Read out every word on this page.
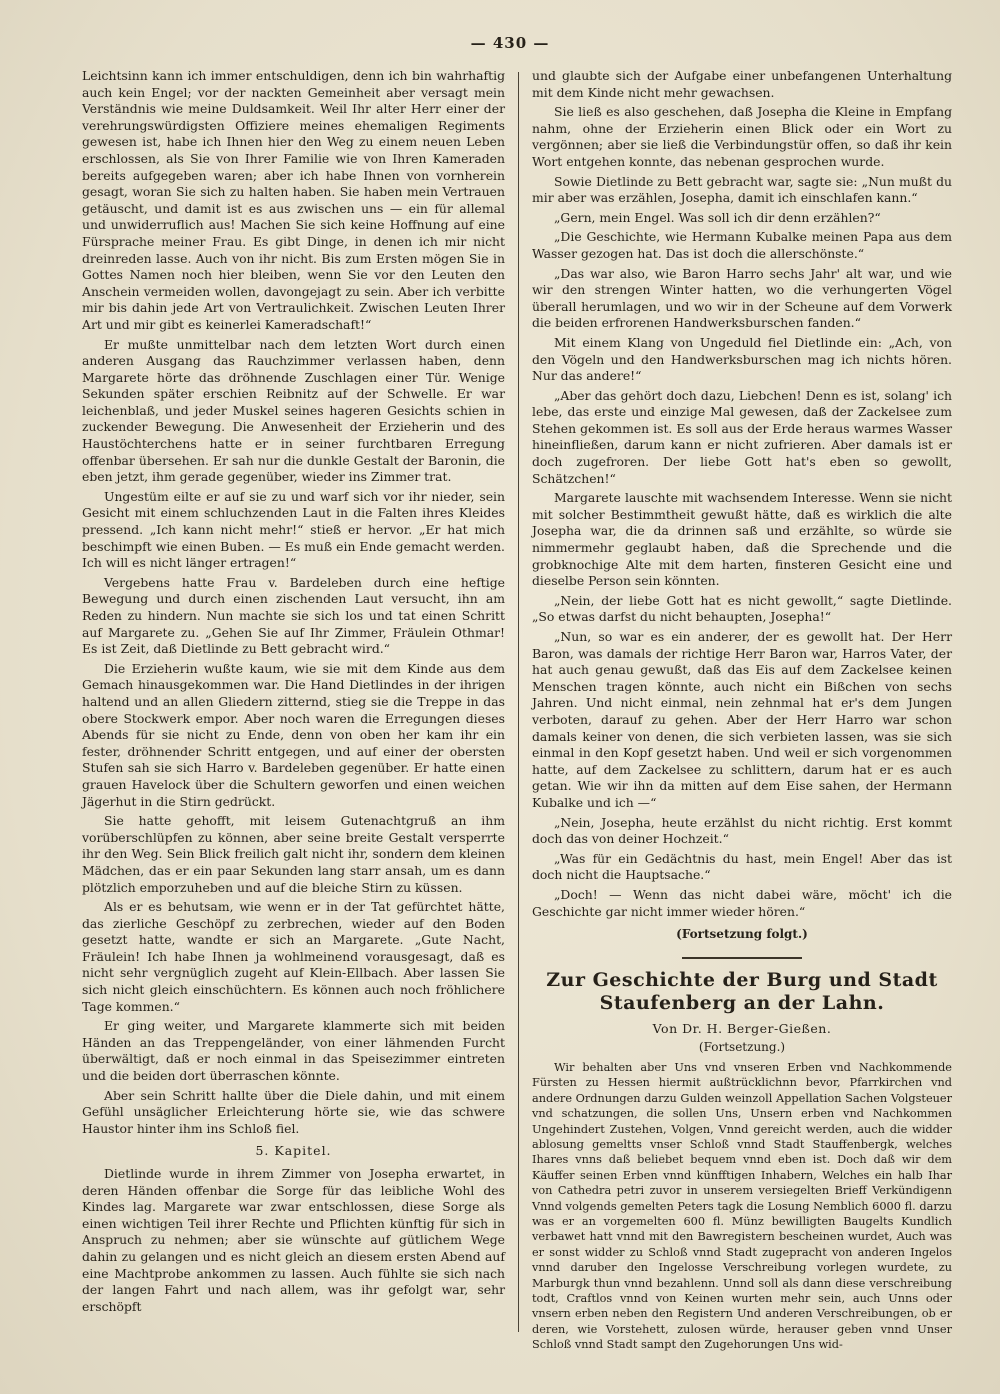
— 430 —

Leichtsinn kann ich immer entschuldigen, denn ich bin wahrhaftig auch kein Engel; vor der nackten Gemeinheit aber versagt mein Verständnis wie meine Duldsamkeit. Weil Ihr alter Herr einer der verehrungswürdigsten Offiziere meines ehemaligen Regiments gewesen ist, habe ich Ihnen hier den Weg zu einem neuen Leben erschlossen, als Sie von Ihrer Familie wie von Ihren Kameraden bereits aufgegeben waren; aber ich habe Ihnen von vornherein gesagt, woran Sie sich zu halten haben. Sie haben mein Vertrauen getäuscht, und damit ist es aus zwischen uns — ein für allemal und unwiderruflich aus! Machen Sie sich keine Hoffnung auf eine Fürsprache meiner Frau. Es gibt Dinge, in denen ich mir nicht dreinreden lasse. Auch von ihr nicht. Bis zum Ersten mögen Sie in Gottes Namen noch hier bleiben, wenn Sie vor den Leuten den Anschein vermeiden wollen, davongejagt zu sein. Aber ich verbitte mir bis dahin jede Art von Vertraulichkeit. Zwischen Leuten Ihrer Art und mir gibt es keinerlei Kameradschaft!“

Er mußte unmittelbar nach dem letzten Wort durch einen anderen Ausgang das Rauchzimmer verlassen haben, denn Margarete hörte das dröhnende Zuschlagen einer Tür. Wenige Sekunden später erschien Reibnitz auf der Schwelle. Er war leichenblaß, und jeder Muskel seines hageren Gesichts schien in zuckender Bewegung. Die Anwesenheit der Erzieherin und des Haustöchterchens hatte er in seiner furchtbaren Erregung offenbar übersehen. Er sah nur die dunkle Gestalt der Baronin, die eben jetzt, ihm gerade gegenüber, wieder ins Zimmer trat.

Ungestüm eilte er auf sie zu und warf sich vor ihr nieder, sein Gesicht mit einem schluchzenden Laut in die Falten ihres Kleides pressend. „Ich kann nicht mehr!“ stieß er hervor. „Er hat mich beschimpft wie einen Buben. — Es muß ein Ende gemacht werden. Ich will es nicht länger ertragen!“

Vergebens hatte Frau v. Bardeleben durch eine heftige Bewegung und durch einen zischenden Laut versucht, ihn am Reden zu hindern. Nun machte sie sich los und tat einen Schritt auf Margarete zu. „Gehen Sie auf Ihr Zimmer, Fräulein Othmar! Es ist Zeit, daß Dietlinde zu Bett gebracht wird.“

Die Erzieherin wußte kaum, wie sie mit dem Kinde aus dem Gemach hinausgekommen war. Die Hand Dietlindes in der ihrigen haltend und an allen Gliedern zitternd, stieg sie die Treppe in das obere Stockwerk empor. Aber noch waren die Erregungen dieses Abends für sie nicht zu Ende, denn von oben her kam ihr ein fester, dröhnender Schritt entgegen, und auf einer der obersten Stufen sah sie sich Harro v. Bardeleben gegenüber. Er hatte einen grauen Havelock über die Schultern geworfen und einen weichen Jägerhut in die Stirn gedrückt.

Sie hatte gehofft, mit leisem Gutenachtgruß an ihm vorüberschlüpfen zu können, aber seine breite Gestalt versperrte ihr den Weg. Sein Blick freilich galt nicht ihr, sondern dem kleinen Mädchen, das er ein paar Sekunden lang starr ansah, um es dann plötzlich emporzuheben und auf die bleiche Stirn zu küssen.

Als er es behutsam, wie wenn er in der Tat gefürchtet hätte, das zierliche Geschöpf zu zerbrechen, wieder auf den Boden gesetzt hatte, wandte er sich an Margarete. „Gute Nacht, Fräulein! Ich habe Ihnen ja wohlmeinend vorausgesagt, daß es nicht sehr vergnüglich zugeht auf Klein-Ellbach. Aber lassen Sie sich nicht gleich einschüchtern. Es können auch noch fröhlichere Tage kommen.“

Er ging weiter, und Margarete klammerte sich mit beiden Händen an das Treppengeländer, von einer lähmenden Furcht überwältigt, daß er noch einmal in das Speisezimmer eintreten und die beiden dort überraschen könnte.

Aber sein Schritt hallte über die Diele dahin, und mit einem Gefühl unsäglicher Erleichterung hörte sie, wie das schwere Haustor hinter ihm ins Schloß fiel.

5. Kapitel.

Dietlinde wurde in ihrem Zimmer von Josepha erwartet, in deren Händen offenbar die Sorge für das leibliche Wohl des Kindes lag. Margarete war zwar entschlossen, diese Sorge als einen wichtigen Teil ihrer Rechte und Pflichten künftig für sich in Anspruch zu nehmen; aber sie wünschte auf gütlichem Wege dahin zu gelangen und es nicht gleich an diesem ersten Abend auf eine Machtprobe ankommen zu lassen. Auch fühlte sie sich nach der langen Fahrt und nach allem, was ihr gefolgt war, sehr erschöpft

und glaubte sich der Aufgabe einer unbefangenen Unterhaltung mit dem Kinde nicht mehr gewachsen.

Sie ließ es also geschehen, daß Josepha die Kleine in Empfang nahm, ohne der Erzieherin einen Blick oder ein Wort zu vergönnen; aber sie ließ die Verbindungstür offen, so daß ihr kein Wort entgehen konnte, das nebenan gesprochen wurde.

Sowie Dietlinde zu Bett gebracht war, sagte sie: „Nun mußt du mir aber was erzählen, Josepha, damit ich einschlafen kann.“

„Gern, mein Engel. Was soll ich dir denn erzählen?“

„Die Geschichte, wie Hermann Kubalke meinen Papa aus dem Wasser gezogen hat. Das ist doch die allerschönste.“

„Das war also, wie Baron Harro sechs Jahr' alt war, und wie wir den strengen Winter hatten, wo die verhungerten Vögel überall herumlagen, und wo wir in der Scheune auf dem Vorwerk die beiden erfrorenen Handwerksburschen fanden.“

Mit einem Klang von Ungeduld fiel Dietlinde ein: „Ach, von den Vögeln und den Handwerksburschen mag ich nichts hören. Nur das andere!“

„Aber das gehört doch dazu, Liebchen! Denn es ist, solang' ich lebe, das erste und einzige Mal gewesen, daß der Zackelsee zum Stehen gekommen ist. Es soll aus der Erde heraus warmes Wasser hineinfließen, darum kann er nicht zufrieren. Aber damals ist er doch zugefroren. Der liebe Gott hat's eben so gewollt, Schätzchen!“

Margarete lauschte mit wachsendem Interesse. Wenn sie nicht mit solcher Bestimmtheit gewußt hätte, daß es wirklich die alte Josepha war, die da drinnen saß und erzählte, so würde sie nimmermehr geglaubt haben, daß die Sprechende und die grobknochige Alte mit dem harten, finsteren Gesicht eine und dieselbe Person sein könnten.

„Nein, der liebe Gott hat es nicht gewollt,“ sagte Dietlinde. „So etwas darfst du nicht behaupten, Josepha!“

„Nun, so war es ein anderer, der es gewollt hat. Der Herr Baron, was damals der richtige Herr Baron war, Harros Vater, der hat auch genau gewußt, daß das Eis auf dem Zackelsee keinen Menschen tragen könnte, auch nicht ein Bißchen von sechs Jahren. Und nicht einmal, nein zehnmal hat er's dem Jungen verboten, darauf zu gehen. Aber der Herr Harro war schon damals keiner von denen, die sich verbieten lassen, was sie sich einmal in den Kopf gesetzt haben. Und weil er sich vorgenommen hatte, auf dem Zackelsee zu schlittern, darum hat er es auch getan. Wie wir ihn da mitten auf dem Eise sahen, der Hermann Kubalke und ich —“

„Nein, Josepha, heute erzählst du nicht richtig. Erst kommt doch das von deiner Hochzeit.“

„Was für ein Gedächtnis du hast, mein Engel! Aber das ist doch nicht die Hauptsache.“

„Doch! — Wenn das nicht dabei wäre, möcht' ich die Geschichte gar nicht immer wieder hören.“

(Fortsetzung folgt.)
Zur Geschichte der Burg und Stadt Staufenberg an der Lahn.
Von Dr. H. Berger-Gießen.
(Fortsetzung.)

Wir behalten aber Uns vnd vnseren Erben vnd Nachkommende Fürsten zu Hessen hiermit außtrücklichnn bevor, Pfarrkirchen vnd andere Ordnungen darzu Gulden weinzoll Appellation Sachen Volgsteuer vnd schatzungen, die sollen Uns, Unsern erben vnd Nachkommen Ungehindert Zustehen, Volgen, Vnnd gereicht werden, auch die widder ablosung gemeltts vnser Schloß vnnd Stadt Stauffenbergk, welches Ihares vnns daß beliebet bequem vnnd eben ist. Doch daß wir dem Käuffer seinen Erben vnnd künfftigen Inhabern, Welches ein halb Ihar von Cathedra petri zuvor in unserem versiegelten Brieff Verkündigenn Vnnd volgends gemelten Peters tagk die Losung Nemblich 6000 fl. darzu was er an vorgemelten 600 fl. Münz bewilligten Baugelts Kundlich verbawet hatt vnnd mit den Bawregistern bescheinen wurdet, Auch was er sonst widder zu Schloß vnnd Stadt zugepracht von anderen Ingelos vnnd daruber den Ingelosse Verschreibung vorlegen wurdete, zu Marburgk thun vnnd bezahlenn. Unnd soll als dann diese verschreibung todt, Craftlos vnnd von Keinen wurten mehr sein, auch Unns oder vnsern erben neben den Registern Und anderen Verschreibungen, ob er deren, wie Vorstehett, zulosen würde, herauser geben vnnd Unser Schloß vnnd Stadt sampt den Zugehorungen Uns wid-
